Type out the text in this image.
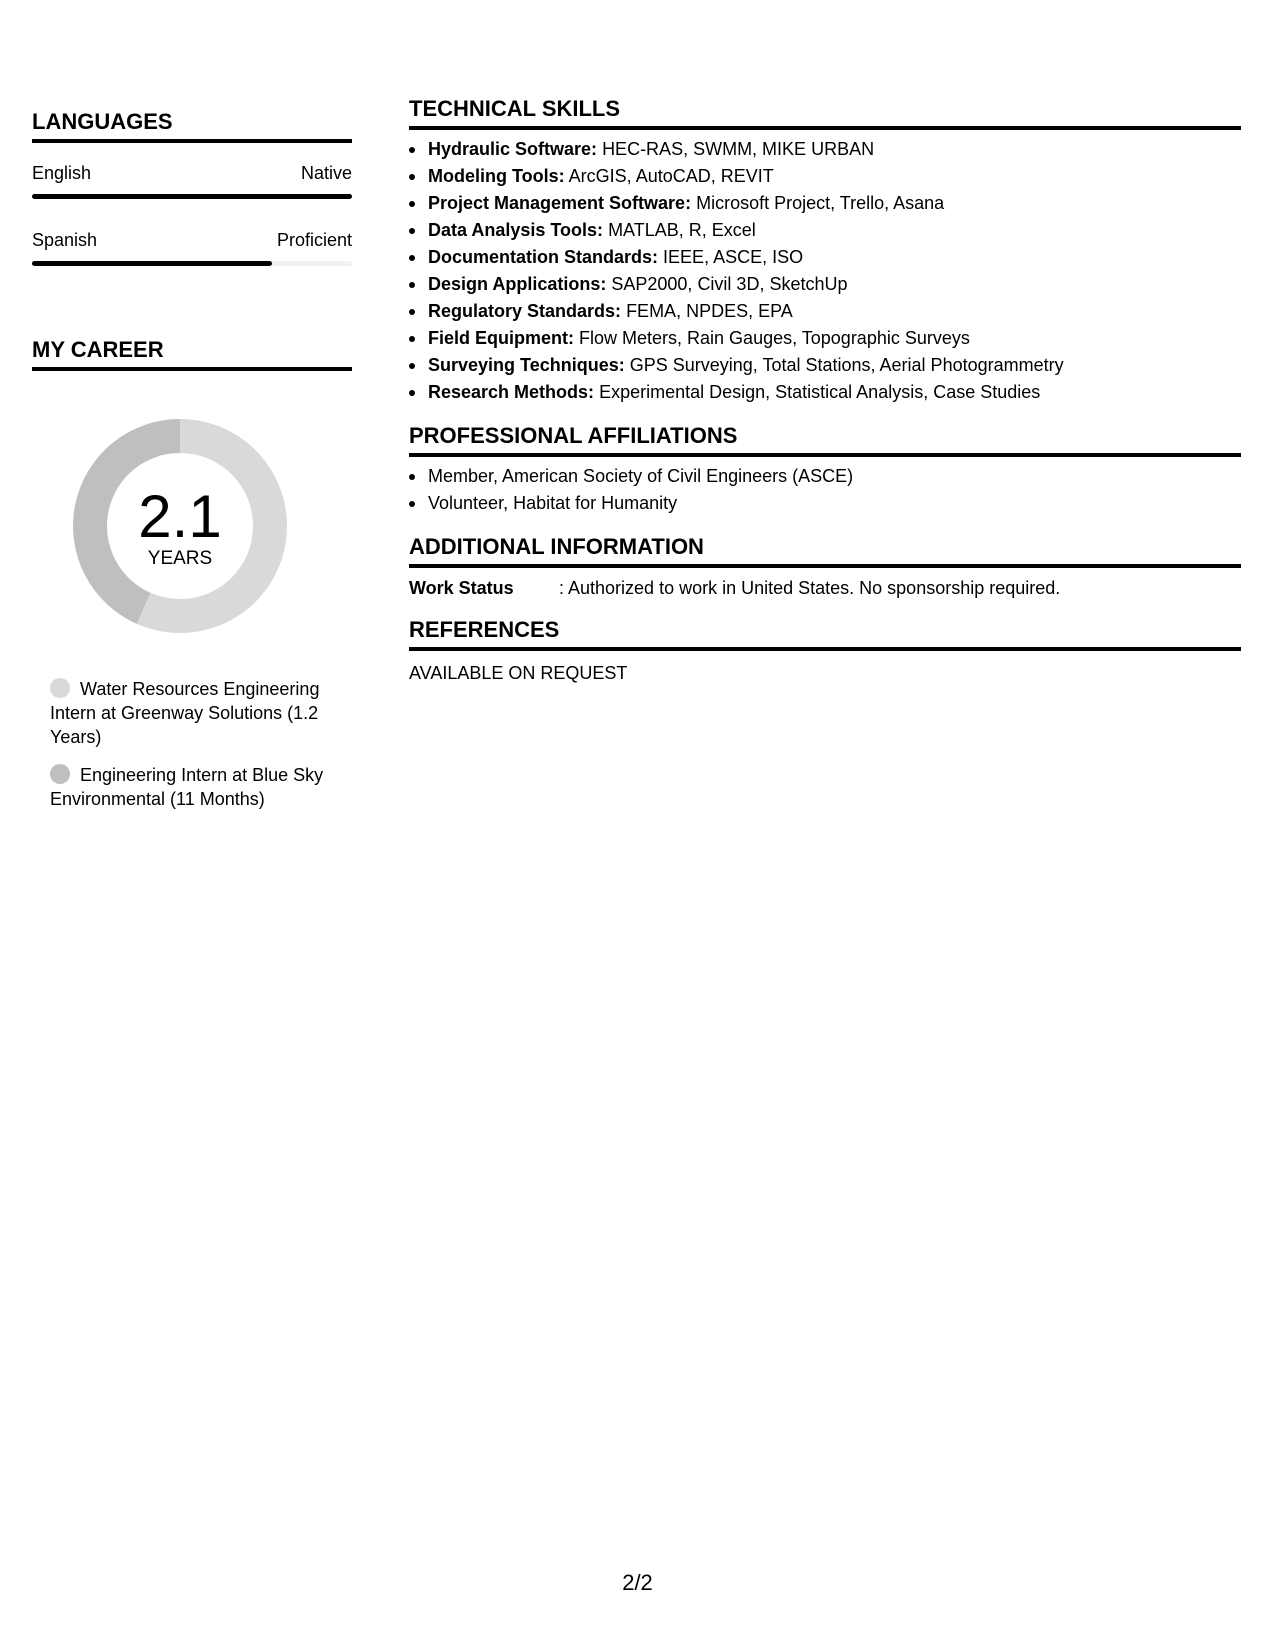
LANGUAGES
English	Native
Spanish	Proficient
MY CAREER
2.1
YEARS
Water Resources Engineering Intern at Greenway Solutions (1.2 Years)
Engineering Intern at Blue Sky Environmental (11 Months)
TECHNICAL SKILLS
Hydraulic Software: HEC-RAS, SWMM, MIKE URBAN
Modeling Tools: ArcGIS, AutoCAD, REVIT
Project Management Software: Microsoft Project, Trello, Asana
Data Analysis Tools: MATLAB, R, Excel
Documentation Standards: IEEE, ASCE, ISO
Design Applications: SAP2000, Civil 3D, SketchUp
Regulatory Standards: FEMA, NPDES, EPA
Field Equipment: Flow Meters, Rain Gauges, Topographic Surveys
Surveying Techniques: GPS Surveying, Total Stations, Aerial Photogrammetry
Research Methods: Experimental Design, Statistical Analysis, Case Studies
PROFESSIONAL AFFILIATIONS
Member, American Society of Civil Engineers (ASCE)
Volunteer, Habitat for Humanity
ADDITIONAL INFORMATION
Work Status	: Authorized to work in United States. No sponsorship required.
REFERENCES
AVAILABLE ON REQUEST
2/2
